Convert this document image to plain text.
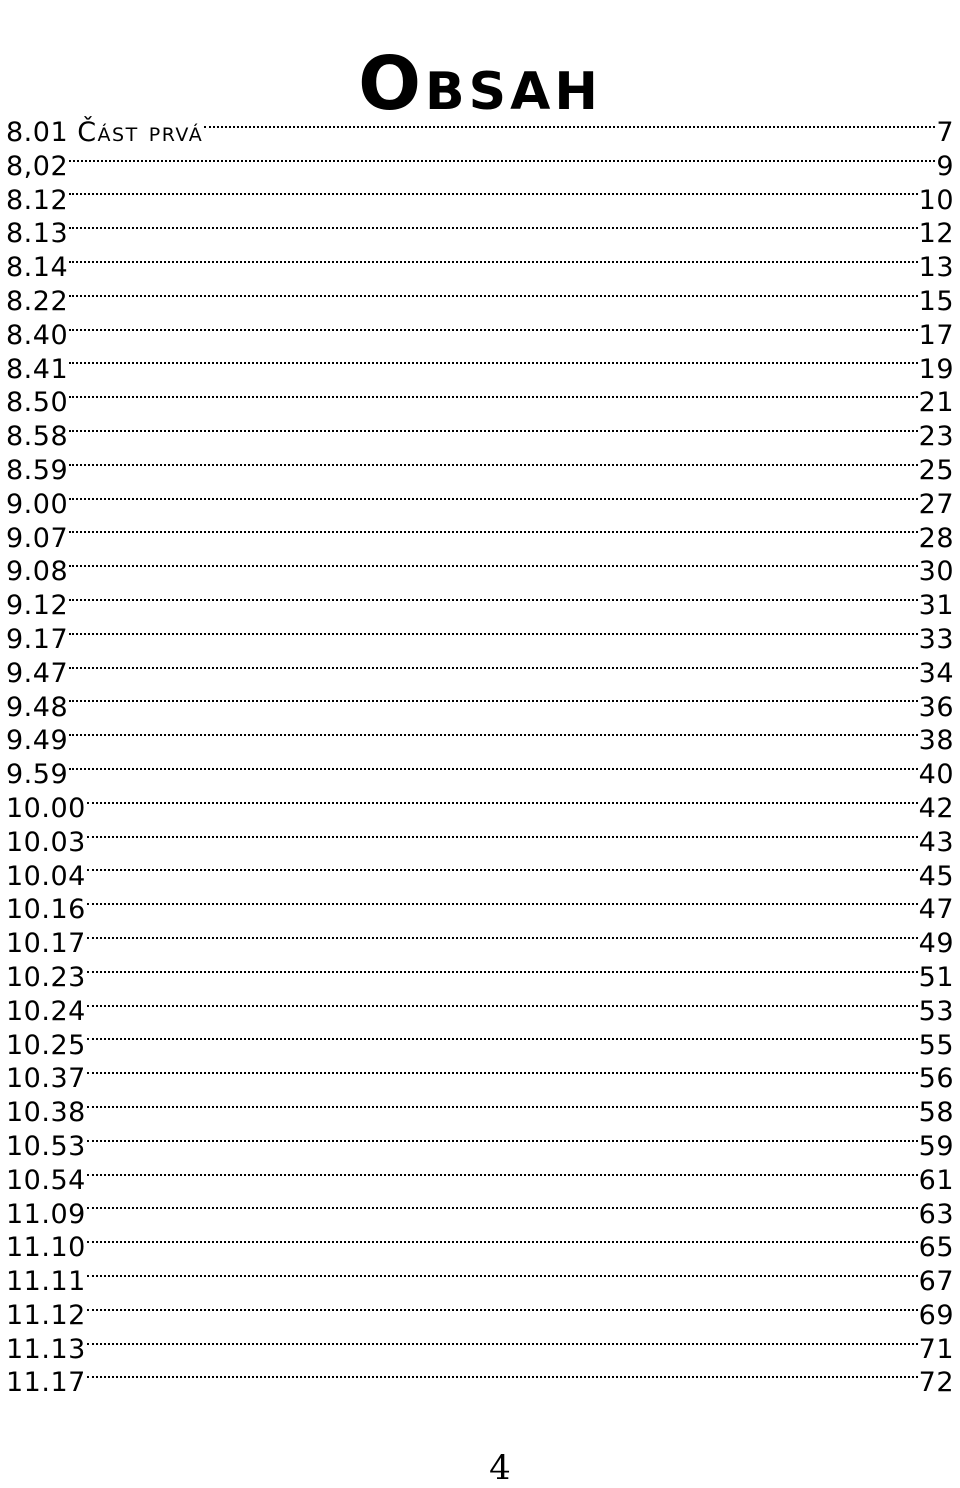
Obsah
8.01 Část prvá	7
8,02	9
8.12	10
8.13	12
8.14	13
8.22	15
8.40	17
8.41	19
8.50	21
8.58	23
8.59	25
9.00	27
9.07	28
9.08	30
9.12	31
9.17	33
9.47	34
9.48	36
9.49	38
9.59	40
10.00	42
10.03	43
10.04	45
10.16	47
10.17	49
10.23	51
10.24	53
10.25	55
10.37	56
10.38	58
10.53	59
10.54	61
11.09	63
11.10	65
11.11	67
11.12	69
11.13	71
11.17	72
4
